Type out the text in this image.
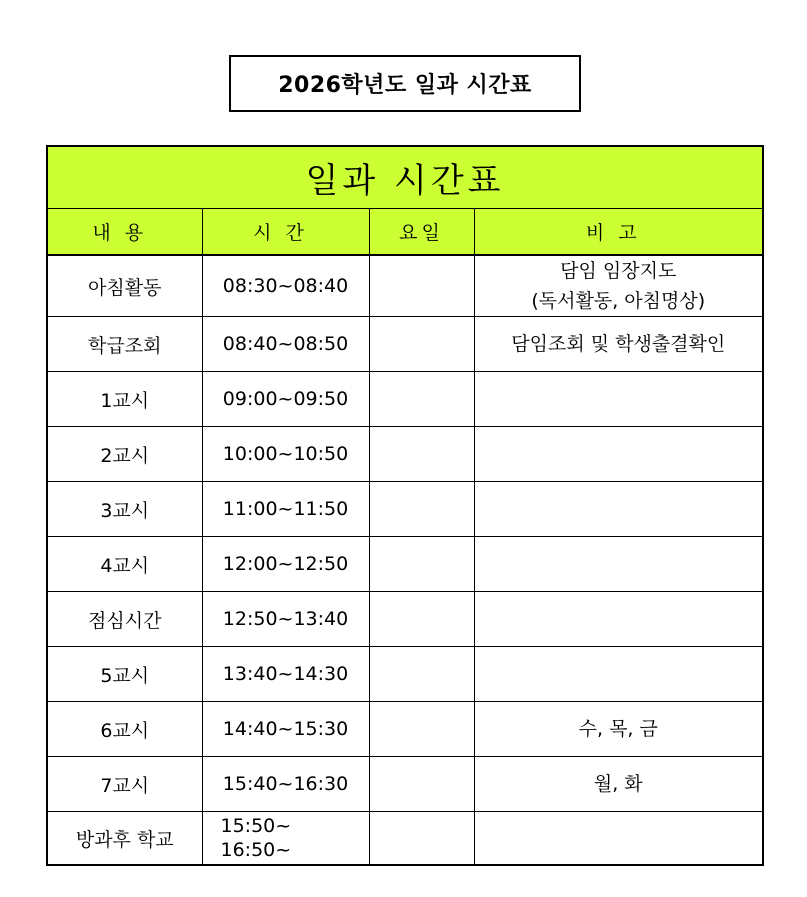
2026학년도 일과 시간표
일과 시간표			
내용	시간	요일	비고
아침활동	08:30~08:40		담임 임장지도
(독서활동, 아침명상)

학급조회	08:40~08:50		담임조회 및 학생출결확인
1교시	09:00~09:50		
2교시	10:00~10:50		
3교시	11:00~11:50		
4교시	12:00~12:50		
점심시간	12:50~13:40		
5교시	13:40~14:30		
6교시	14:40~15:30		수, 목, 금
7교시	15:40~16:30		월, 화
방과후 학교	15:50~
16:50~		
